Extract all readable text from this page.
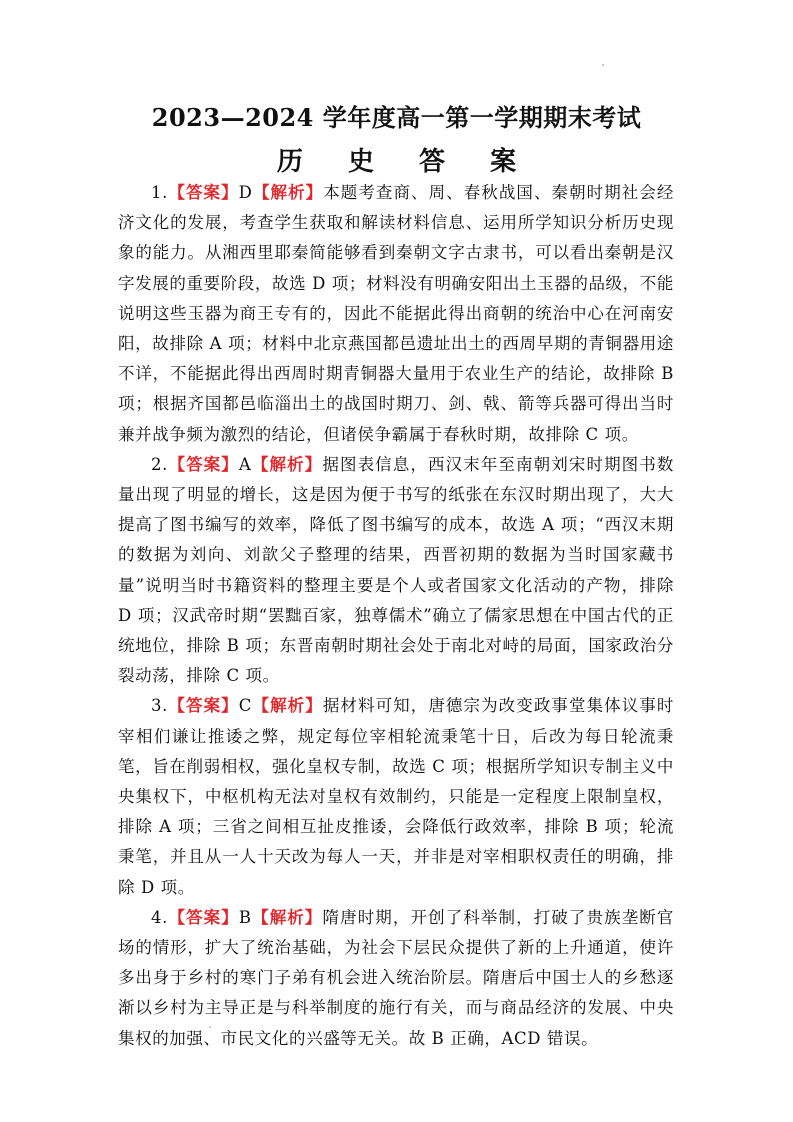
2023—2024 学年度高一第一学期期末考试
历 史 答 案

1.【答案】D【解析】本题考查商、周、春秋战国、秦朝时期社会经济文化的发展，考查学生获取和解读材料信息、运用所学知识分析历史现象的能力。从湘西里耶秦简能够看到秦朝文字古隶书，可以看出秦朝是汉字发展的重要阶段，故选 D 项；材料没有明确安阳出土玉器的品级，不能说明这些玉器为商王专有的，因此不能据此得出商朝的统治中心在河南安阳，故排除 A 项；材料中北京燕国都邑遗址出土的西周早期的青铜器用途不详，不能据此得出西周时期青铜器大量用于农业生产的结论，故排除 B 项；根据齐国都邑临淄出土的战国时期刀、剑、戟、箭等兵器可得出当时兼并战争频为激烈的结论，但诸侯争霸属于春秋时期，故排除 C 项。

2.【答案】A【解析】据图表信息，西汉末年至南朝刘宋时期图书数量出现了明显的增长，这是因为便于书写的纸张在东汉时期出现了，大大提高了图书编写的效率，降低了图书编写的成本，故选 A 项；“西汉末期的数据为刘向、刘歆父子整理的结果，西晋初期的数据为当时国家藏书量”说明当时书籍资料的整理主要是个人或者国家文化活动的产物，排除 D 项；汉武帝时期“罢黜百家，独尊儒术”确立了儒家思想在中国古代的正统地位，排除 B 项；东晋南朝时期社会处于南北对峙的局面，国家政治分裂动荡，排除 C 项。

3.【答案】C【解析】据材料可知，唐德宗为改变政事堂集体议事时宰相们谦让推诿之弊，规定每位宰相轮流秉笔十日，后改为每日轮流秉笔，旨在削弱相权，强化皇权专制，故选 C 项；根据所学知识专制主义中央集权下，中枢机构无法对皇权有效制约，只能是一定程度上限制皇权，排除 A 项；三省之间相互扯皮推诿，会降低行政效率，排除 B 项；轮流秉笔，并且从一人十天改为每人一天，并非是对宰相职权责任的明确，排除 D 项。

4.【答案】B【解析】隋唐时期，开创了科举制，打破了贵族垄断官场的情形，扩大了统治基础，为社会下层民众提供了新的上升通道，使许多出身于乡村的寒门子弟有机会进入统治阶层。隋唐后中国士人的乡愁逐渐以乡村为主导正是与科举制度的施行有关，而与商品经济的发展、中央集权的加强、市民文化的兴盛等无关。故 B 正确，ACD 错误。
